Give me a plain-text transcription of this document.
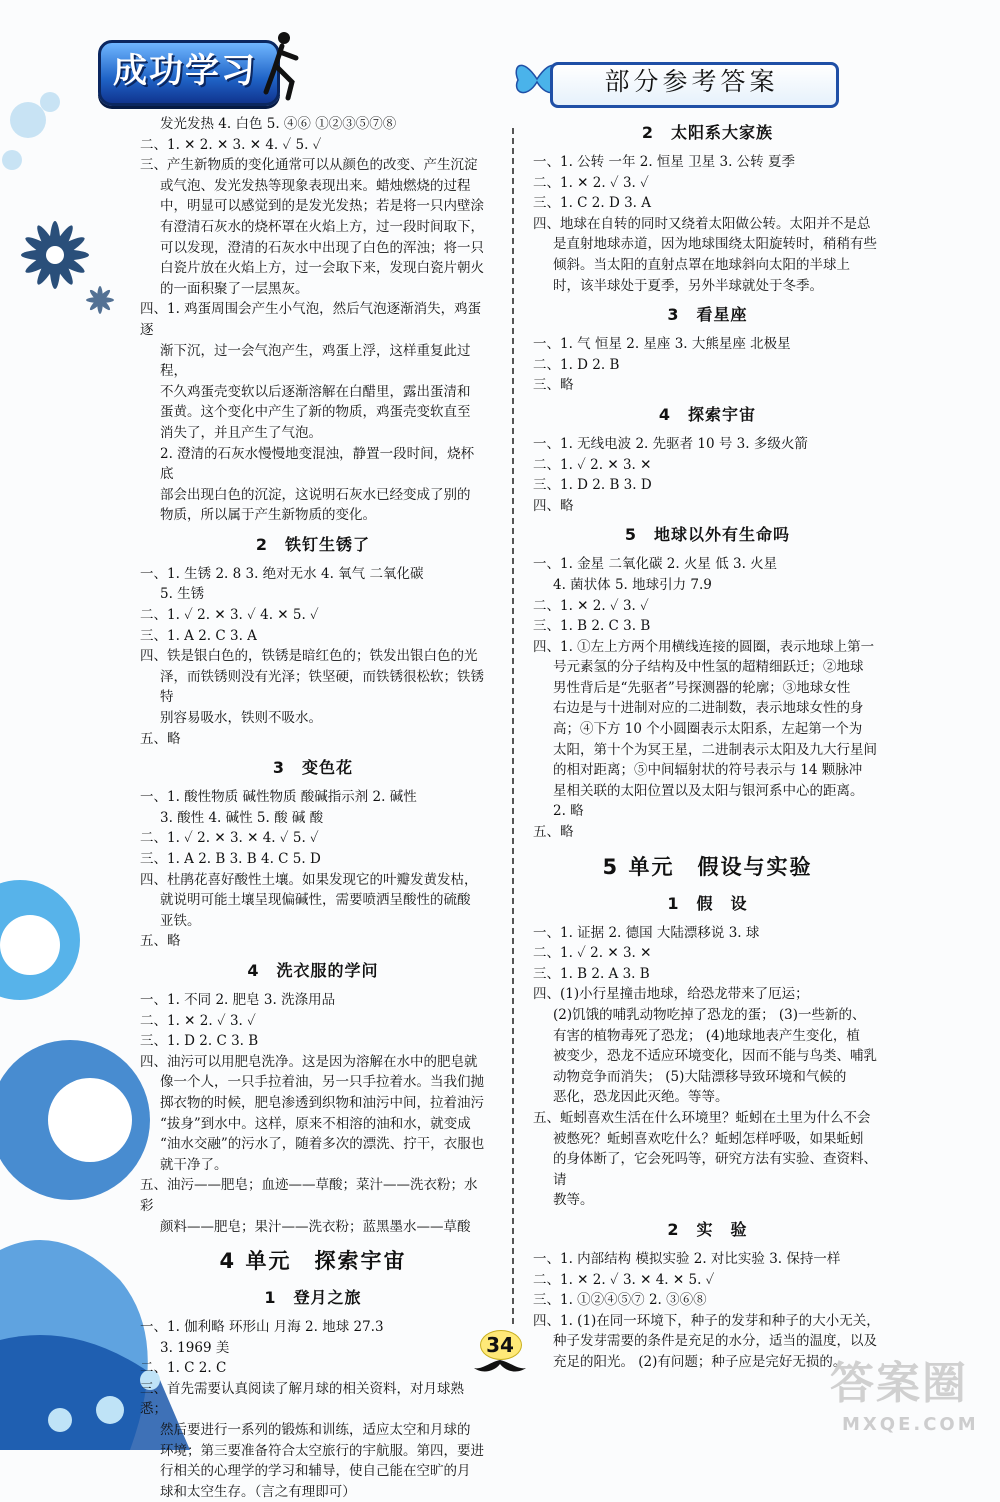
成功学习	部分参考答案

发光发热 4. 白色 5. ④⑥ ①②③⑤⑦⑧

二、1. ✕ 2. ✕ 3. ✕ 4. ✓ 5. ✓

三、产生新物质的变化通常可以从颜色的改变、产生沉淀

或气泡、发光发热等现象表现出来。蜡烛燃烧的过程

中，明显可以感觉到的是发光发热；若是将一只内壁涂

有澄清石灰水的烧杯罩在火焰上方，过一段时间取下，

可以发现，澄清的石灰水中出现了白色的浑浊；将一只

白瓷片放在火焰上方，过一会取下来，发现白瓷片朝火

的一面积聚了一层黑灰。

四、1. 鸡蛋周围会产生小气泡，然后气泡逐渐消失，鸡蛋逐

渐下沉，过一会气泡产生，鸡蛋上浮，这样重复此过程，

不久鸡蛋壳变软以后逐渐溶解在白醋里，露出蛋清和

蛋黄。这个变化中产生了新的物质，鸡蛋壳变软直至

消失了，并且产生了气泡。

2. 澄清的石灰水慢慢地变混浊，静置一段时间，烧杯底

部会出现白色的沉淀，这说明石灰水已经变成了别的

物质，所以属于产生新物质的变化。

2　铁钉生锈了

一、1. 生锈 2. 8 3. 绝对无水 4. 氧气 二氧化碳

5. 生锈

二、1. ✓ 2. ✕ 3. ✓ 4. ✕ 5. ✓

三、1. A 2. C 3. A

四、铁是银白色的，铁锈是暗红色的；铁发出银白色的光

泽，而铁锈则没有光泽；铁坚硬，而铁锈很松软；铁锈特

别容易吸水，铁则不吸水。

五、略

3　变色花

一、1. 酸性物质 碱性物质 酸碱指示剂 2. 碱性

3. 酸性 4. 碱性 5. 酸 碱 酸

二、1. ✓ 2. ✕ 3. ✕ 4. ✓ 5. ✓

三、1. A 2. B 3. B 4. C 5. D

四、杜鹃花喜好酸性土壤。如果发现它的叶瓣发黄发枯，

就说明可能土壤呈现偏碱性，需要喷洒呈酸性的硫酸

亚铁。

五、略

4　洗衣服的学问

一、1. 不同 2. 肥皂 3. 洗涤用品

二、1. ✕ 2. ✓ 3. ✓

三、1. D 2. C 3. B

四、油污可以用肥皂洗净。这是因为溶解在水中的肥皂就

像一个人，一只手拉着油，另一只手拉着水。当我们抛

掷衣物的时候，肥皂渗透到织物和油污中间，拉着油污

“拔身”到水中。这样，原来不相溶的油和水，就变成

“油水交融”的污水了，随着多次的漂洗、拧干，衣服也

就干净了。

五、油污——肥皂；血迹——草酸；菜汁——洗衣粉；水彩

颜料——肥皂；果汁——洗衣粉；蓝黑墨水——草酸

4 单元　探索宇宙
1　登月之旅

一、1. 伽利略 环形山 月海 2. 地球 27.3

3. 1969 美

二、1. C 2. C

三、首先需要认真阅读了解月球的相关资料，对月球熟悉；

然后要进行一系列的锻炼和训练，适应太空和月球的

环境；第三要准备符合太空旅行的宇航服。第四，要进

行相关的心理学的学习和辅导，使自己能在空旷的月

球和太空生存。（言之有理即可）

2　太阳系大家族

一、1. 公转 一年 2. 恒星 卫星 3. 公转 夏季

二、1. ✕ 2. ✓ 3. ✓

三、1. C 2. D 3. A

四、地球在自转的同时又绕着太阳做公转。太阳并不是总

是直射地球赤道，因为地球围绕太阳旋转时，稍稍有些

倾斜。当太阳的直射点罩在地球斜向太阳的半球上

时，该半球处于夏季，另外半球就处于冬季。

3　看星座

一、1. 气 恒星 2. 星座 3. 大熊星座 北极星

二、1. D 2. B

三、略

4　探索宇宙

一、1. 无线电波 2. 先驱者 10 号 3. 多级火箭

二、1. ✓ 2. ✕ 3. ✕

三、1. D 2. B 3. D

四、略

5　地球以外有生命吗

一、1. 金星 二氧化碳 2. 火星 低 3. 火星

4. 菌状体 5. 地球引力 7.9

二、1. ✕ 2. ✓ 3. ✓

三、1. B 2. C 3. B

四、1. ①左上方两个用横线连接的圆圈，表示地球上第一

号元素氢的分子结构及中性氢的超精细跃迁；②地球

男性背后是“先驱者”号探测器的轮廓；③地球女性

右边是与十进制对应的二进制数，表示地球女性的身

高；④下方 10 个小圆圈表示太阳系，左起第一个为

太阳，第十个为冥王星，二进制表示太阳及九大行星间

的相对距离；⑤中间辐射状的符号表示与 14 颗脉冲

星相关联的太阳位置以及太阳与银河系中心的距离。

2. 略

五、略

5 单元　假设与实验
1　假　设

一、1. 证据 2. 德国 大陆漂移说 3. 球

二、1. ✓ 2. ✕ 3. ✕

三、1. B 2. A 3. B

四、(1)小行星撞击地球，给恐龙带来了厄运；

(2)饥饿的哺乳动物吃掉了恐龙的蛋； (3)一些新的、

有害的植物毒死了恐龙； (4)地球地表产生变化，植

被变少，恐龙不适应环境变化，因而不能与鸟类、哺乳

动物竞争而消失； (5)大陆漂移导致环境和气候的

恶化，恐龙因此灭绝。等等。

五、蚯蚓喜欢生活在什么环境里？蚯蚓在土里为什么不会

被憋死？蚯蚓喜欢吃什么？蚯蚓怎样呼吸，如果蚯蚓

的身体断了，它会死吗等，研究方法有实验、查资料、请

教等。

2　实　验

一、1. 内部结构 模拟实验 2. 对比实验 3. 保持一样

二、1. ✕ 2. ✓ 3. ✕ 4. ✕ 5. ✓

三、1. ①②④⑤⑦ 2. ③⑥⑧

四、1. (1)在同一环境下，种子的发芽和种子的大小无关，

种子发芽需要的条件是充足的水分，适当的温度，以及

充足的阳光。 (2)有问题；种子应是完好无损的。

34
答案圈
MXQE.COM
